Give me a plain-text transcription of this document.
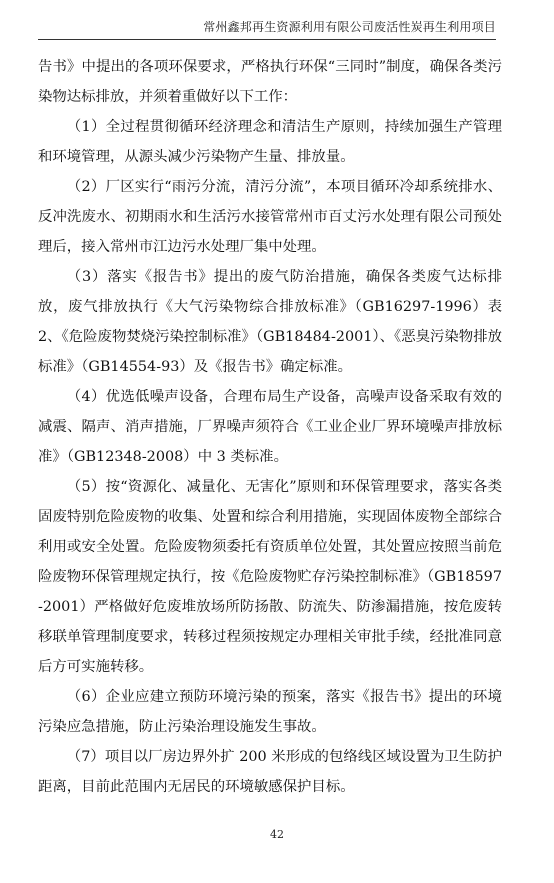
常州鑫邦再生资源利用有限公司废活性炭再生利用项目

告书》中提出的各项环保要求，严格执行环保“三同时”制度，确保各类污染物达标排放，并须着重做好以下工作：

（1）全过程贯彻循环经济理念和清洁生产原则，持续加强生产管理和环境管理，从源头减少污染物产生量、排放量。

（2）厂区实行“雨污分流，清污分流”，本项目循环冷却系统排水、反冲洗废水、初期雨水和生活污水接管常州市百丈污水处理有限公司预处理后，接入常州市江边污水处理厂集中处理。

（3）落实《报告书》提出的废气防治措施，确保各类废气达标排放，废气排放执行《大气污染物综合排放标准》（GB16297-1996）表 2、《危险废物焚烧污染控制标准》（GB18484-2001）、《恶臭污染物排放标准》（GB14554-93）及《报告书》确定标准。

（4）优选低噪声设备，合理布局生产设备，高噪声设备采取有效的减震、隔声、消声措施，厂界噪声须符合《工业企业厂界环境噪声排放标准》（GB12348-2008）中 3 类标准。

（5）按“资源化、减量化、无害化”原则和环保管理要求，落实各类固废特别危险废物的收集、处置和综合利用措施，实现固体废物全部综合利用或安全处置。危险废物须委托有资质单位处置，其处置应按照当前危险废物环保管理规定执行，按《危险废物贮存污染控制标准》（GB18597-2001）严格做好危废堆放场所防扬散、防流失、防渗漏措施，按危废转移联单管理制度要求，转移过程须按规定办理相关审批手续，经批准同意后方可实施转移。

（6）企业应建立预防环境污染的预案，落实《报告书》提出的环境污染应急措施，防止污染治理设施发生事故。

（7）项目以厂房边界外扩 200 米形成的包络线区域设置为卫生防护距离，目前此范围内无居民的环境敏感保护目标。

42
